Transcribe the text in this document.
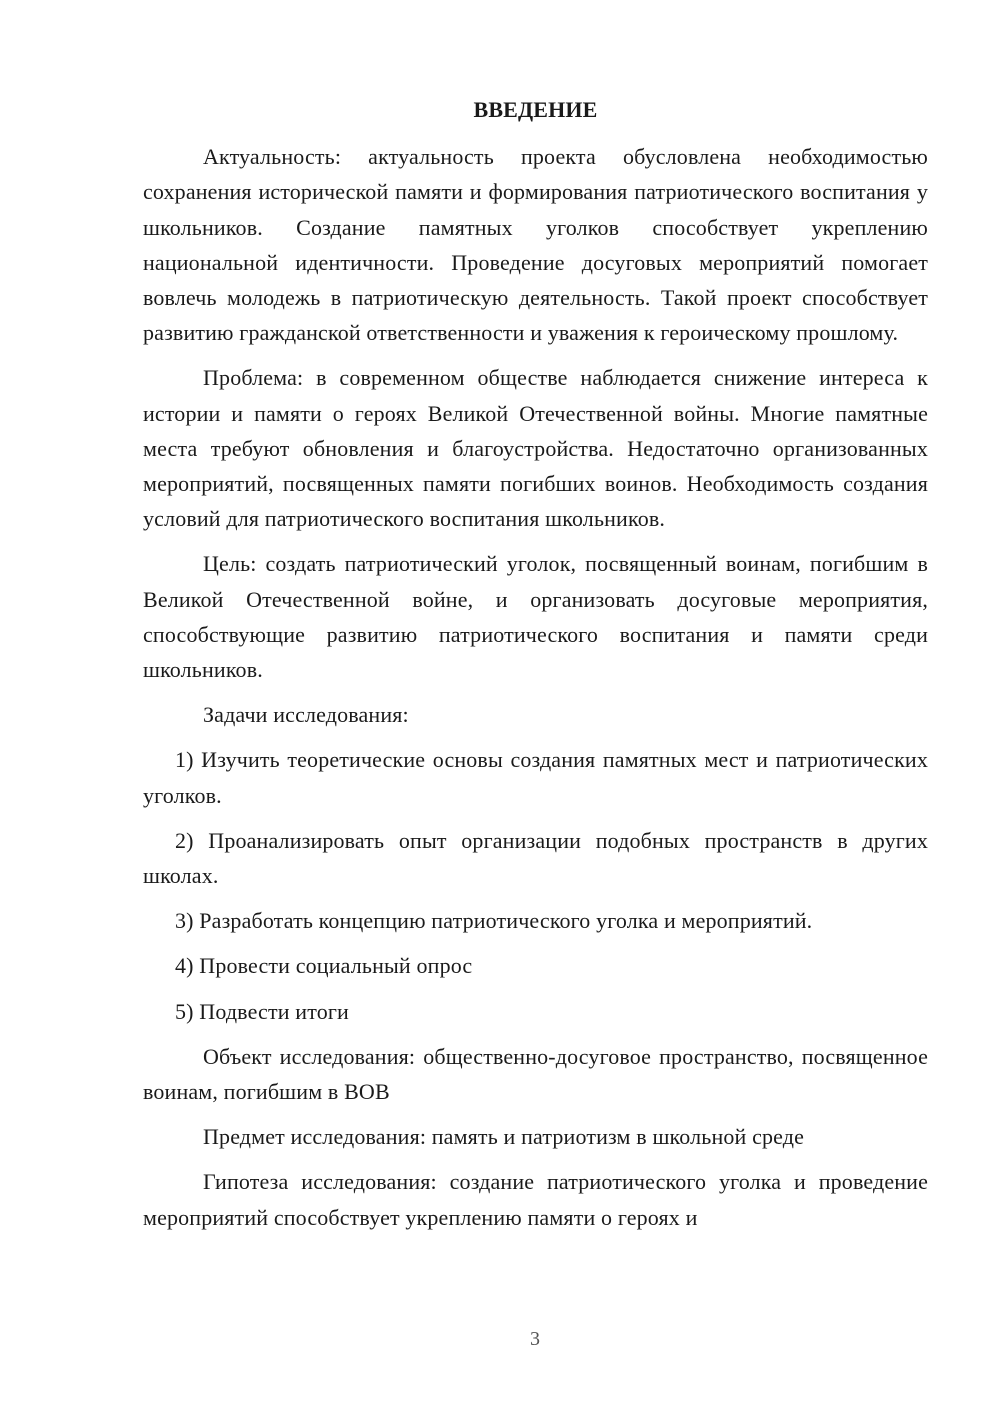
ВВЕДЕНИЕ

Актуальность: актуальность проекта обусловлена необходимостью сохранения исторической памяти и формирования патриотического воспитания у школьников. Создание памятных уголков способствует укреплению национальной идентичности. Проведение досуговых мероприятий помогает вовлечь молодежь в патриотическую деятельность. Такой проект способствует развитию гражданской ответственности и уважения к героическому прошлому.

Проблема: в современном обществе наблюдается снижение интереса к истории и памяти о героях Великой Отечественной войны. Многие памятные места требуют обновления и благоустройства. Недостаточно организованных мероприятий, посвященных памяти погибших воинов. Необходимость создания условий для патриотического воспитания школьников.

Цель: создать патриотический уголок, посвященный воинам, погибшим в Великой Отечественной войне, и организовать досуговые мероприятия, способствующие развитию патриотического воспитания и памяти среди школьников.

Задачи исследования:

1) Изучить теоретические основы создания памятных мест и патриотических уголков.

2) Проанализировать опыт организации подобных пространств в других школах.

3) Разработать концепцию патриотического уголка и мероприятий.

4) Провести социальный опрос

5) Подвести итоги

Объект исследования: общественно-досуговое пространство, посвященное воинам, погибшим в ВОВ

Предмет исследования: память и патриотизм в школьной среде

Гипотеза исследования: создание патриотического уголка и проведение мероприятий способствует укреплению памяти о героях и

3
